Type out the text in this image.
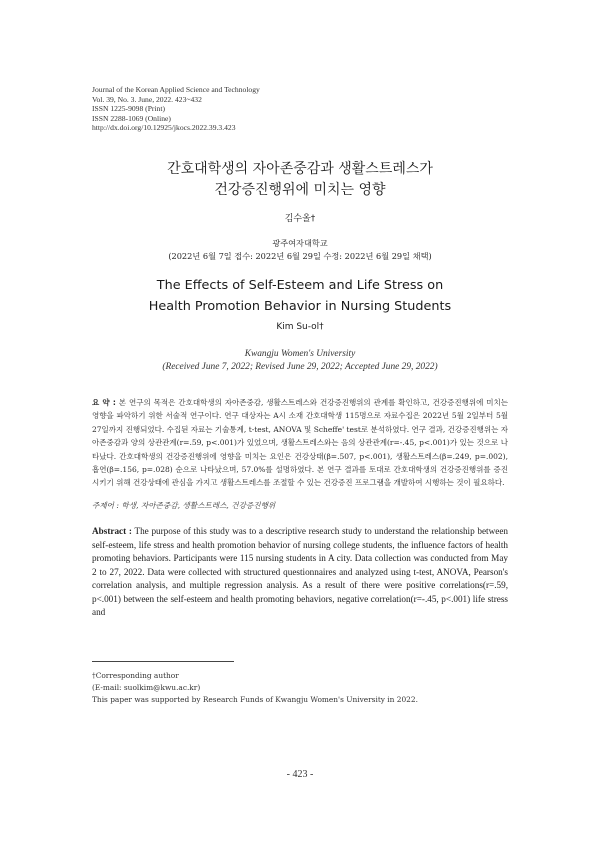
Journal of the Korean Applied Science and Technology
Vol. 39, No. 3. June, 2022. 423~432
ISSN 1225-9098 (Print)
ISSN 2288-1069 (Online)
http://dx.doi.org/10.12925/jkocs.2022.39.3.423
간호대학생의 자아존중감과 생활스트레스가
건강증진행위에 미치는 영향
김수올†
광주여자대학교
(2022년 6월 7일 접수: 2022년 6월 29일 수정: 2022년 6월 29일 채택)
The Effects of Self-Esteem and Life Stress on
Health Promotion Behavior in Nursing Students
Kim Su-ol†
Kwangju Women's University
(Received June 7, 2022; Revised June 29, 2022; Accepted June 29, 2022)
요 약 : 본 연구의 목적은 간호대학생의 자아존중감, 생활스트레스와 건강증진행위의 관계를 확인하고, 건강증진행위에 미치는 영향을 파악하기 위한 서술적 연구이다. 연구 대상자는 A시 소재 간호대학생 115명으로 자료수집은 2022년 5월 2일부터 5월 27일까지 진행되었다. 수집된 자료는 기술통계, t-test, ANOVA 및 Scheffe' test로 분석하였다. 연구 결과, 건강증진행위는 자아존중감과 양의 상관관계(r=.59, p<.001)가 있었으며, 생활스트레스와는 음의 상관관계(r=-.45, p<.001)가 있는 것으로 나타났다. 간호대학생의 건강증진행위에 영향을 미치는 요인은 건강상태(β=.507, p<.001), 생활스트레스(β=.249, p=.002), 흡연(β=.156, p=.028) 순으로 나타났으며, 57.0%를 설명하였다. 본 연구 결과를 토대로 간호대학생의 건강증진행위를 증진시키기 위해 건강상태에 관심을 가지고 생활스트레스를 조절할 수 있는 건강증진 프로그램을 개발하여 시행하는 것이 필요하다.
주제어 : 학생, 자아존중감, 생활스트레스, 건강증진행위
Abstract : The purpose of this study was to a descriptive research study to understand the relationship between self-esteem, life stress and health promotion behavior of nursing college students, the influence factors of health promoting behaviors. Participants were 115 nursing students in A city. Data collection was conducted from May 2 to 27, 2022. Data were collected with structured questionnaires and analyzed using t-test, ANOVA, Pearson's correlation analysis, and multiple regression analysis. As a result of there were positive correlations(r=.59, p<.001) between the self-esteem and health promoting behaviors, negative correlation(r=-.45, p<.001) life stress and
†Corresponding author
(E-mail: suolkim@kwu.ac.kr)
This paper was supported by Research Funds of Kwangju Women's University in 2022.
- 423 -
